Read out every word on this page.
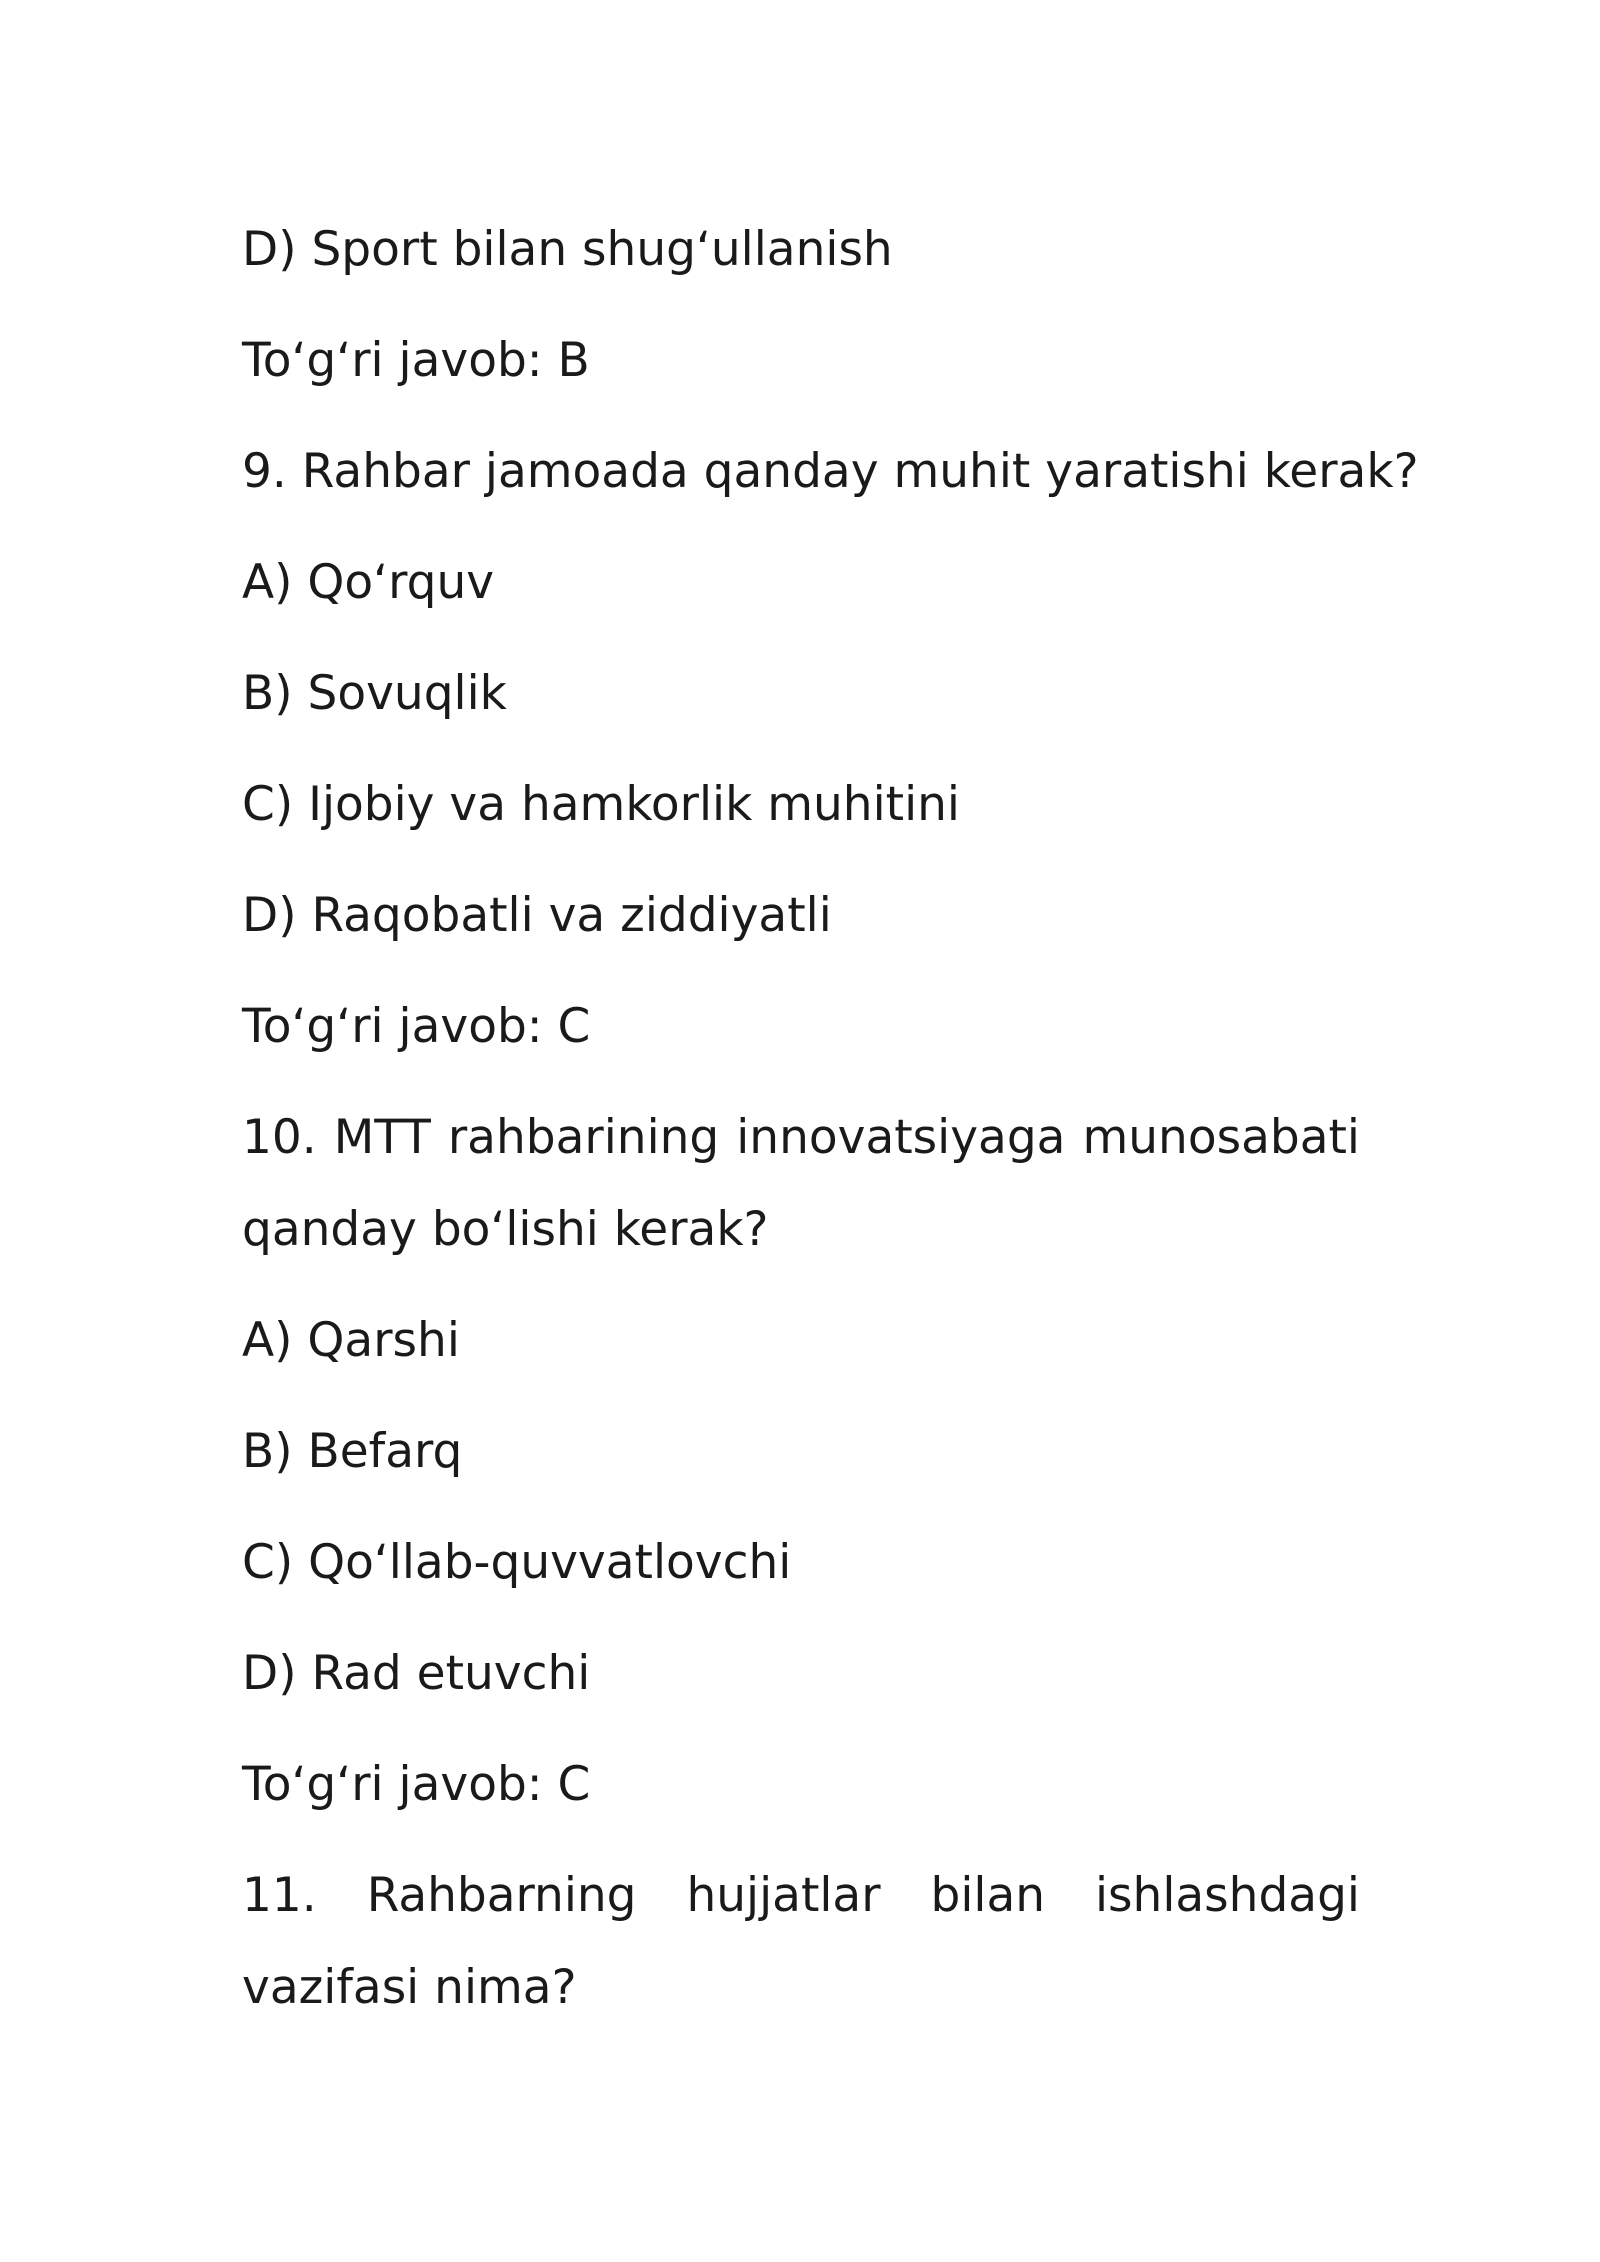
D) Sport bilan shug‘ullanish
To‘g‘ri javob: B
9. Rahbar jamoada qanday muhit yaratishi kerak?
A) Qo‘rquv
B) Sovuqlik
C) Ijobiy va hamkorlik muhitini
D) Raqobatli va ziddiyatli
To‘g‘ri javob: C
10. MTT rahbarining innovatsiyaga munosabati qanday bo‘lishi kerak?
A) Qarshi
B) Befarq
C) Qo‘llab-quvvatlovchi
D) Rad etuvchi
To‘g‘ri javob: C
11. Rahbarning hujjatlar bilan ishlashdagi vazifasi nima?
